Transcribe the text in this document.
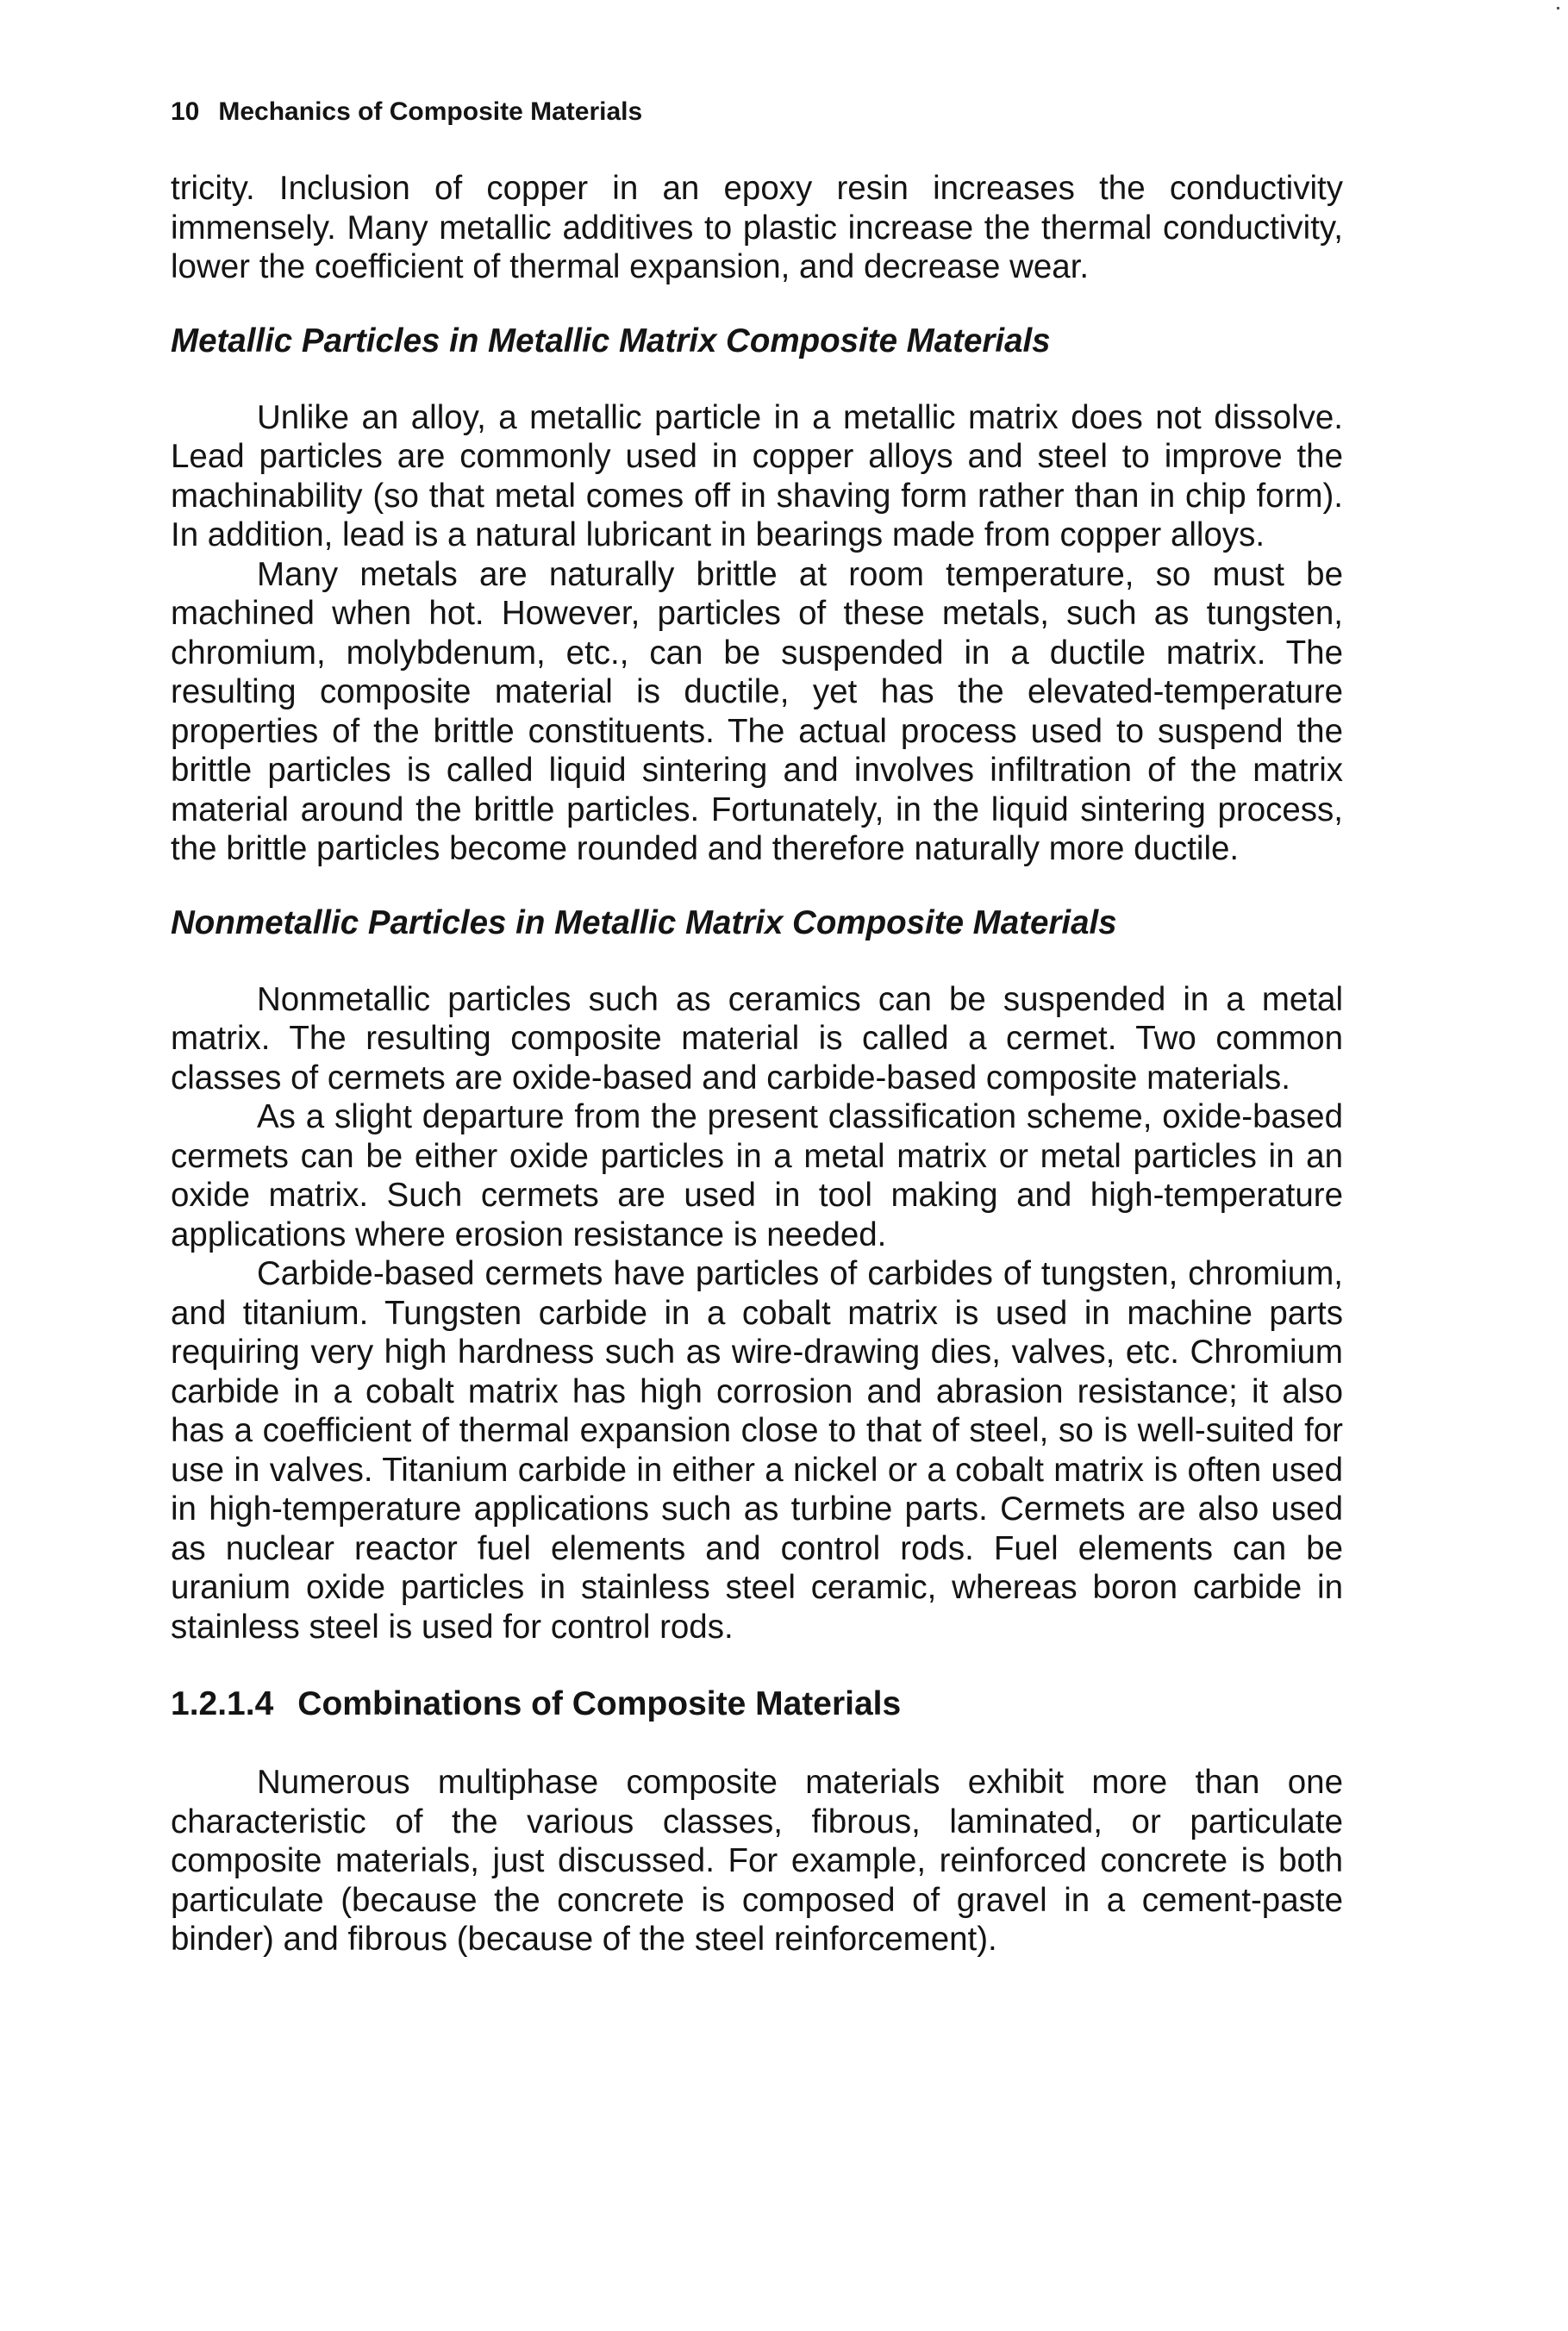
10 Mechanics of Composite Materials

tricity. Inclusion of copper in an epoxy resin increases the conductivity immensely. Many metallic additives to plastic increase the thermal conductivity, lower the coefficient of thermal expansion, and decrease wear.

Metallic Particles in Metallic Matrix Composite Materials

Unlike an alloy, a metallic particle in a metallic matrix does not dissolve. Lead particles are commonly used in copper alloys and steel to improve the machinability (so that metal comes off in shaving form rather than in chip form). In addition, lead is a natural lubricant in bearings made from copper alloys.

Many metals are naturally brittle at room temperature, so must be machined when hot. However, particles of these metals, such as tungsten, chromium, molybdenum, etc., can be suspended in a ductile matrix. The resulting composite material is ductile, yet has the elevated-temperature properties of the brittle constituents. The actual process used to suspend the brittle particles is called liquid sintering and involves infiltration of the matrix material around the brittle particles. Fortunately, in the liquid sintering process, the brittle particles become rounded and therefore naturally more ductile.

Nonmetallic Particles in Metallic Matrix Composite Materials

Nonmetallic particles such as ceramics can be suspended in a metal matrix. The resulting composite material is called a cermet. Two common classes of cermets are oxide-based and carbide-based composite materials.

As a slight departure from the present classification scheme, oxide-based cermets can be either oxide particles in a metal matrix or metal particles in an oxide matrix. Such cermets are used in tool making and high-temperature applications where erosion resistance is needed.

Carbide-based cermets have particles of carbides of tungsten, chromium, and titanium. Tungsten carbide in a cobalt matrix is used in machine parts requiring very high hardness such as wire-drawing dies, valves, etc. Chromium carbide in a cobalt matrix has high corrosion and abrasion resistance; it also has a coefficient of thermal expansion close to that of steel, so is well-suited for use in valves. Titanium carbide in either a nickel or a cobalt matrix is often used in high-temperature applications such as turbine parts. Cermets are also used as nuclear reactor fuel elements and control rods. Fuel elements can be uranium oxide particles in stainless steel ceramic, whereas boron carbide in stainless steel is used for control rods.

1.2.1.4 Combinations of Composite Materials

Numerous multiphase composite materials exhibit more than one characteristic of the various classes, fibrous, laminated, or particulate composite materials, just discussed. For example, reinforced concrete is both particulate (because the concrete is composed of gravel in a cement-paste binder) and fibrous (because of the steel reinforcement).
